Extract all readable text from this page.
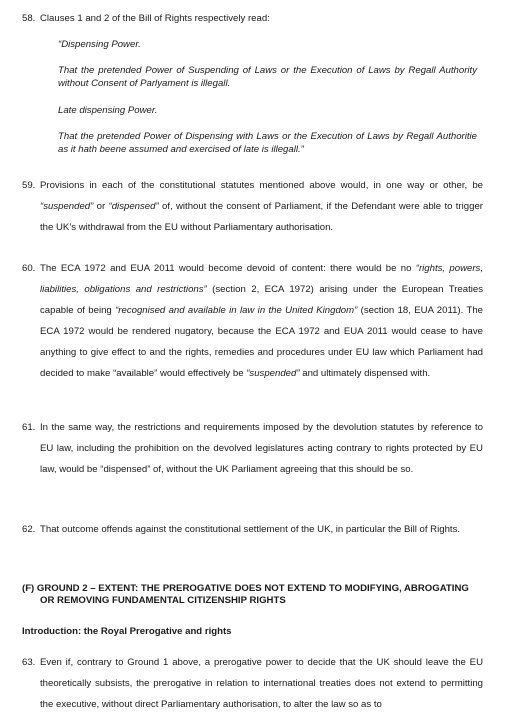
58. Clauses 1 and 2 of the Bill of Rights respectively read:
“Dispensing Power.
That the pretended Power of Suspending of Laws or the Execution of Laws by Regall Authority without Consent of Parlyament is illegall.
Late dispensing Power.
That the pretended Power of Dispensing with Laws or the Execution of Laws by Regall Authoritie as it hath beene assumed and exercised of late is illegall.”
59. Provisions in each of the constitutional statutes mentioned above would, in one way or other, be “suspended” or “dispensed” of, without the consent of Parliament, if the Defendant were able to trigger the UK’s withdrawal from the EU without Parliamentary authorisation.
60. The ECA 1972 and EUA 2011 would become devoid of content: there would be no “rights, powers, liabilities, obligations and restrictions” (section 2, ECA 1972) arising under the European Treaties capable of being “recognised and available in law in the United Kingdom” (section 18, EUA 2011). The ECA 1972 would be rendered nugatory, because the ECA 1972 and EUA 2011 would cease to have anything to give effect to and the rights, remedies and procedures under EU law which Parliament had decided to make “available” would effectively be “suspended” and ultimately dispensed with.
61. In the same way, the restrictions and requirements imposed by the devolution statutes by reference to EU law, including the prohibition on the devolved legislatures acting contrary to rights protected by EU law, would be “dispensed” of, without the UK Parliament agreeing that this should be so.
62. That outcome offends against the constitutional settlement of the UK, in particular the Bill of Rights.
(F) GROUND 2 – EXTENT: THE PREROGATIVE DOES NOT EXTEND TO MODIFYING, ABROGATING OR REMOVING FUNDAMENTAL CITIZENSHIP RIGHTS
Introduction: the Royal Prerogative and rights
63. Even if, contrary to Ground 1 above, a prerogative power to decide that the UK should leave the EU theoretically subsists, the prerogative in relation to international treaties does not extend to permitting the executive, without direct Parliamentary authorisation, to alter the law so as to
